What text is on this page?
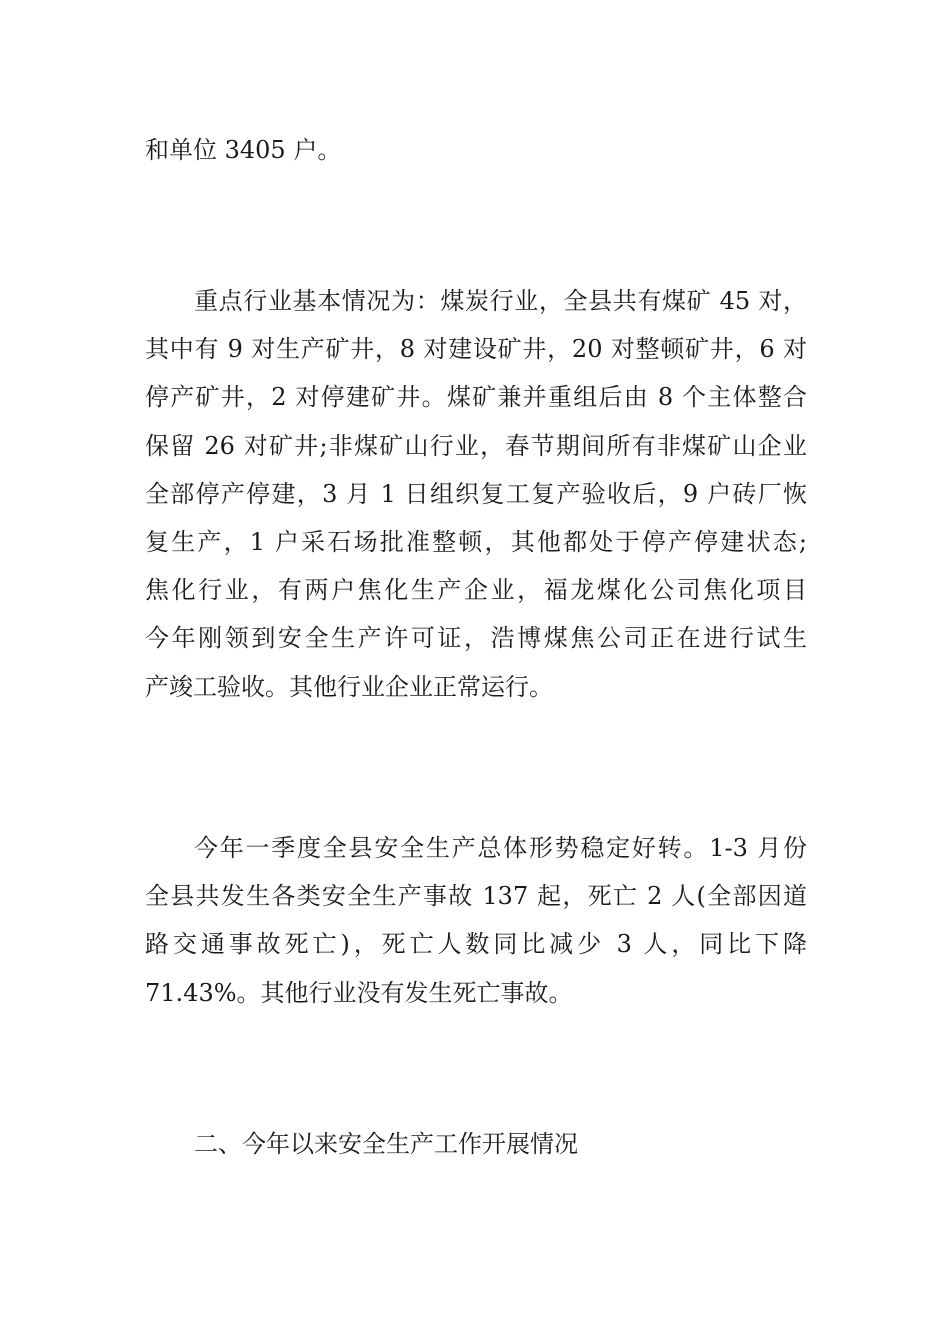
和单位 3405 户。

重点行业基本情况为：煤炭行业，全县共有煤矿 45 对，
其中有 9 对生产矿井，8 对建设矿井，20 对整顿矿井，6 对
停产矿井，2 对停建矿井。煤矿兼并重组后由 8 个主体整合
保留 26 对矿井;非煤矿山行业，春节期间所有非煤矿山企业
全部停产停建，3 月 1 日组织复工复产验收后，9 户砖厂恢
复生产，1 户采石场批准整顿，其他都处于停产停建状态;
焦化行业，有两户焦化生产企业，福龙煤化公司焦化项目
今年刚领到安全生产许可证，浩博煤焦公司正在进行试生
产竣工验收。其他行业企业正常运行。

今年一季度全县安全生产总体形势稳定好转。1-3 月份
全县共发生各类安全生产事故 137 起，死亡 2 人(全部因道
路交通事故死亡)，死亡人数同比减少 3 人，同比下降
71.43%。其他行业没有发生死亡事故。

二、今年以来安全生产工作开展情况
